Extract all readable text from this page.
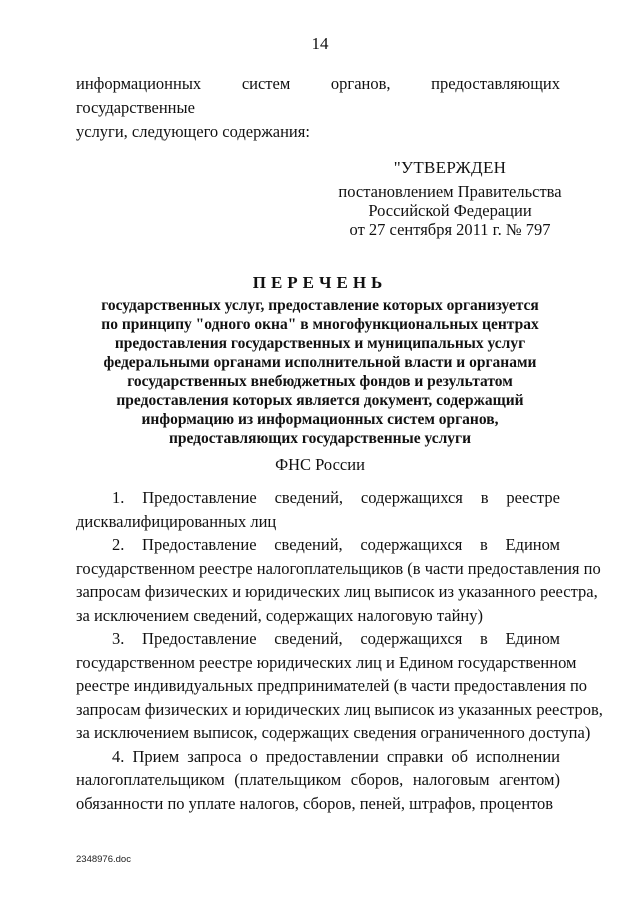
14
информационных систем органов, предоставляющих государственные
услуги, следующего содержания:
"УТВЕРЖДЕН
постановлением Правительства
Российской Федерации
от 27 сентября 2011 г. № 797
ПЕРЕЧЕНЬ
государственных услуг, предоставление которых организуется
по принципу "одного окна" в многофункциональных центрах
предоставления государственных и муниципальных услуг
федеральными органами исполнительной власти и органами
государственных внебюджетных фондов и результатом
предоставления которых является документ, содержащий
информацию из информационных систем органов,
предоставляющих государственные услуги
ФНС России
1. Предоставление сведений, содержащихся в реестре
дисквалифицированных лиц
2. Предоставление сведений, содержащихся в Едином
государственном реестре налогоплательщиков (в части предоставления по
запросам физических и юридических лиц выписок из указанного реестра,
за исключением сведений, содержащих налоговую тайну)
3. Предоставление сведений, содержащихся в Едином
государственном реестре юридических лиц и Едином государственном
реестре индивидуальных предпринимателей (в части предоставления по
запросам физических и юридических лиц выписок из указанных реестров,
за исключением выписок, содержащих сведения ограниченного доступа)
4. Прием запроса о предоставлении справки об исполнении
налогоплательщиком (плательщиком сборов, налоговым агентом)
обязанности по уплате налогов, сборов, пеней, штрафов, процентов
2348976.doc
